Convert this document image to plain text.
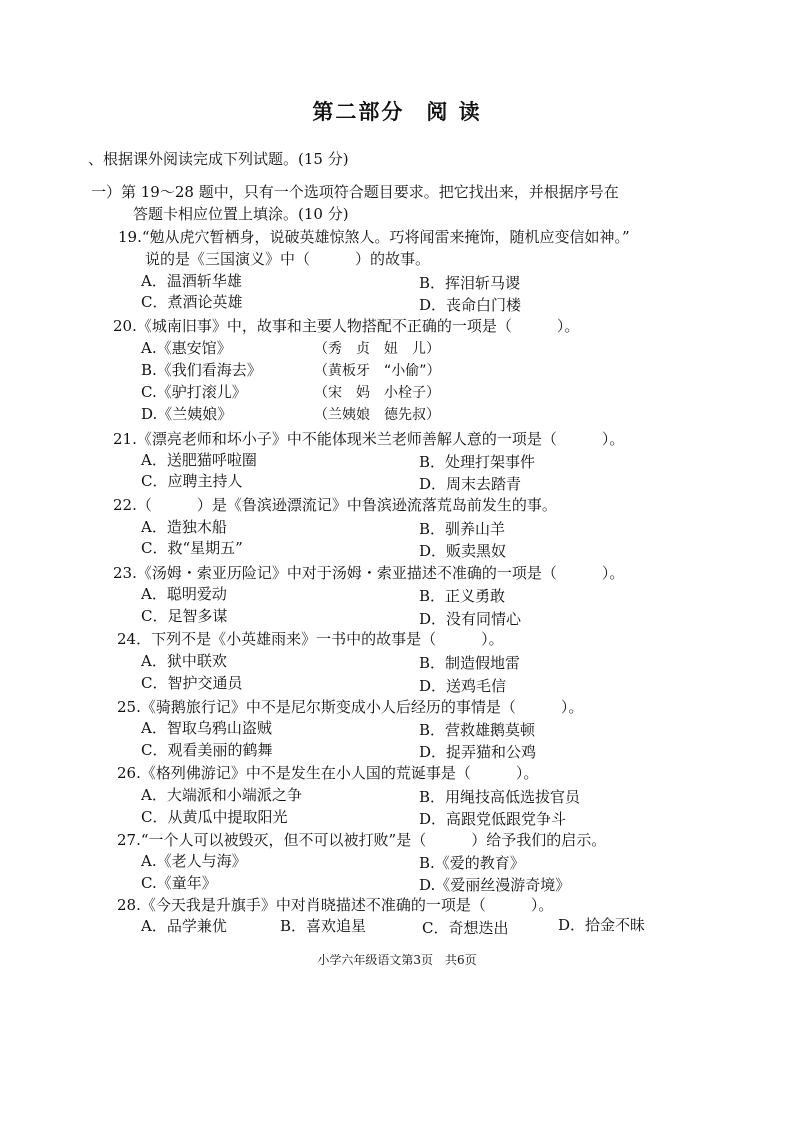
第二部分 阅 读
、根据课外阅读完成下列试题。(15 分)
一）第 19～28 题中，只有一个选项符合题目要求。把它找出来，并根据序号在
答题卡相应位置上填涂。(10 分)
19.“勉从虎穴暂栖身，说破英雄惊煞人。巧将闻雷来掩饰，随机应变信如神。”
说的是《三国演义》中（　　　）的故事。
A．温酒斩华雄	B．挥泪斩马谡
C．煮酒论英雄	D．丧命白门楼
20.《城南旧事》中，故事和主要人物搭配不正确的一项是（　　　）。
A.《惠安馆》	（秀　贞　妞　儿）
B.《我们看海去》	（黄板牙　“小偷”）
C.《驴打滚儿》	（宋　妈　小栓子）
D.《兰姨娘》	（兰姨娘　德先叔）
21.《漂亮老师和坏小子》中不能体现米兰老师善解人意的一项是（　　　）。
A．送肥猫呼啦圈	B．处理打架事件
C．应聘主持人	D．周末去踏青
22.（　　　）是《鲁滨逊漂流记》中鲁滨逊流落荒岛前发生的事。
A．造独木船	B．驯养山羊
C．救“星期五”	D．贩卖黑奴
23.《汤姆・索亚历险记》中对于汤姆・索亚描述不准确的一项是（　　　）。
A．聪明爱动	B．正义勇敢
C．足智多谋	D．没有同情心
24．下列不是《小英雄雨来》一书中的故事是（　　　）。
A．狱中联欢	B．制造假地雷
C．智护交通员	D．送鸡毛信
25.《骑鹅旅行记》中不是尼尔斯变成小人后经历的事情是（　　　）。
A．智取乌鸦山盗贼	B．营救雄鹅莫顿
C．观看美丽的鹤舞	D．捉弄猫和公鸡
26.《格列佛游记》中不是发生在小人国的荒诞事是（　　　）。
A．大端派和小端派之争	B．用绳技高低选拔官员
C．从黄瓜中提取阳光	D．高跟党低跟党争斗
27.“一个人可以被毁灭，但不可以被打败”是（　　　）给予我们的启示。
A.《老人与海》	B.《爱的教育》
C.《童年》	D.《爱丽丝漫游奇境》
28.《今天我是升旗手》中对肖晓描述不准确的一项是（　　　）。
A．品学兼优	B．喜欢追星	C．奇想迭出	D．拾金不昧
小学六年级语文第3页　共6页
